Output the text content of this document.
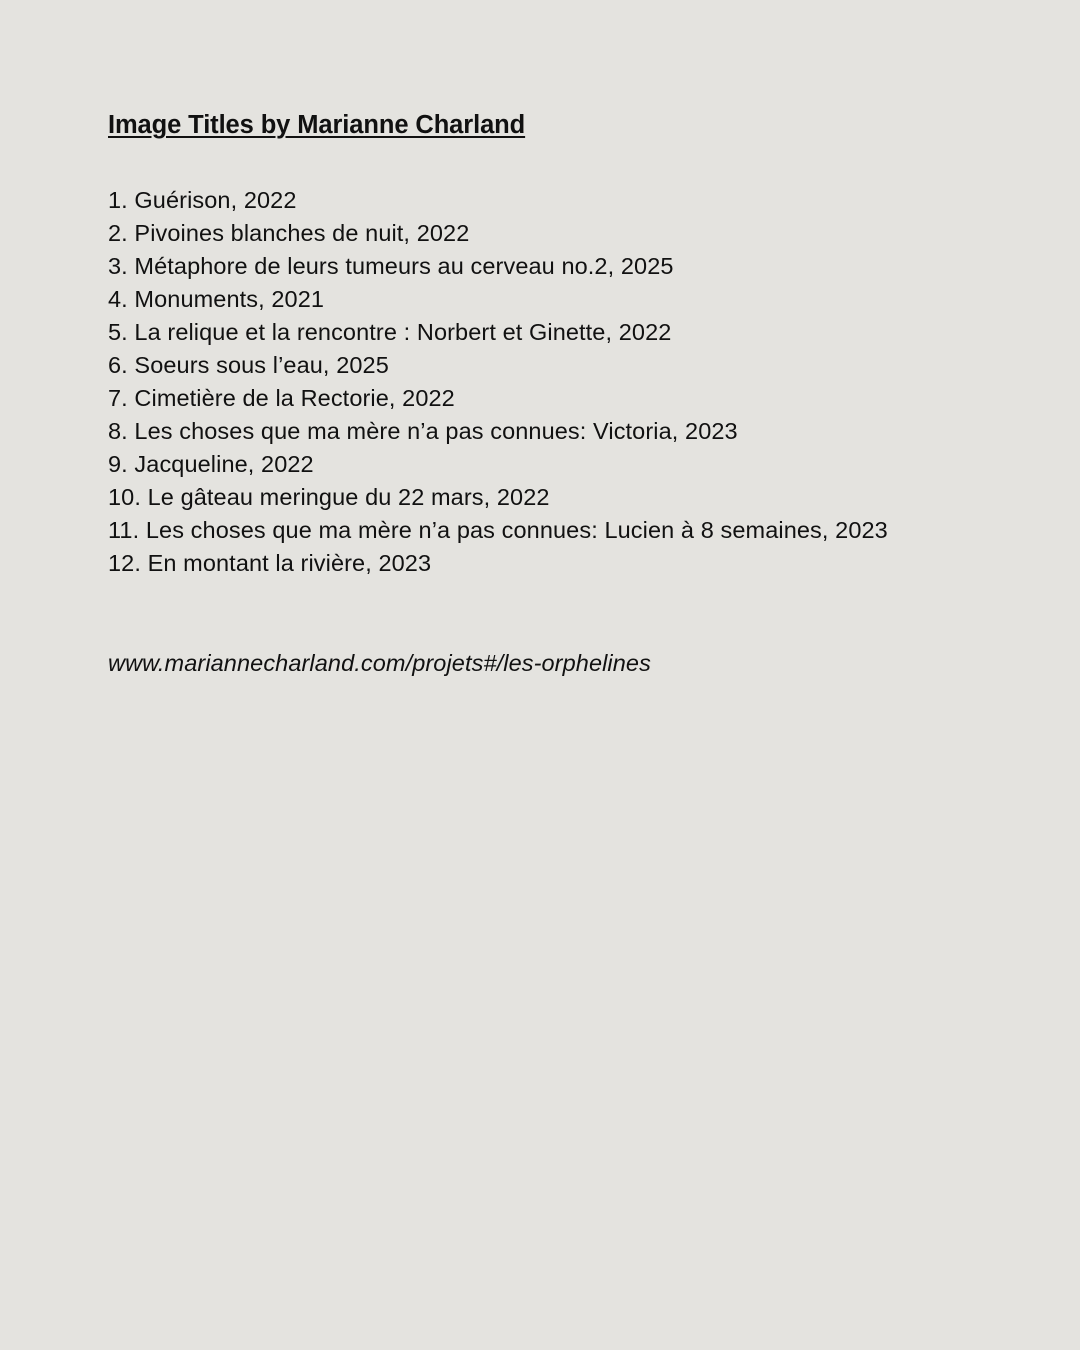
Image Titles by Marianne Charland
1. Guérison, 2022
2. Pivoines blanches de nuit, 2022
3. Métaphore de leurs tumeurs au cerveau no.2, 2025
4. Monuments, 2021
5. La relique et la rencontre : Norbert et Ginette, 2022
6. Soeurs sous l’eau, 2025
7. Cimetière de la Rectorie, 2022
8. Les choses que ma mère n’a pas connues: Victoria, 2023
9. Jacqueline, 2022
10. Le gâteau meringue du 22 mars, 2022
11. Les choses que ma mère n’a pas connues: Lucien à 8 semaines, 2023
12. En montant la rivière, 2023

www.mariannecharland.com/projets#/les-orphelines
